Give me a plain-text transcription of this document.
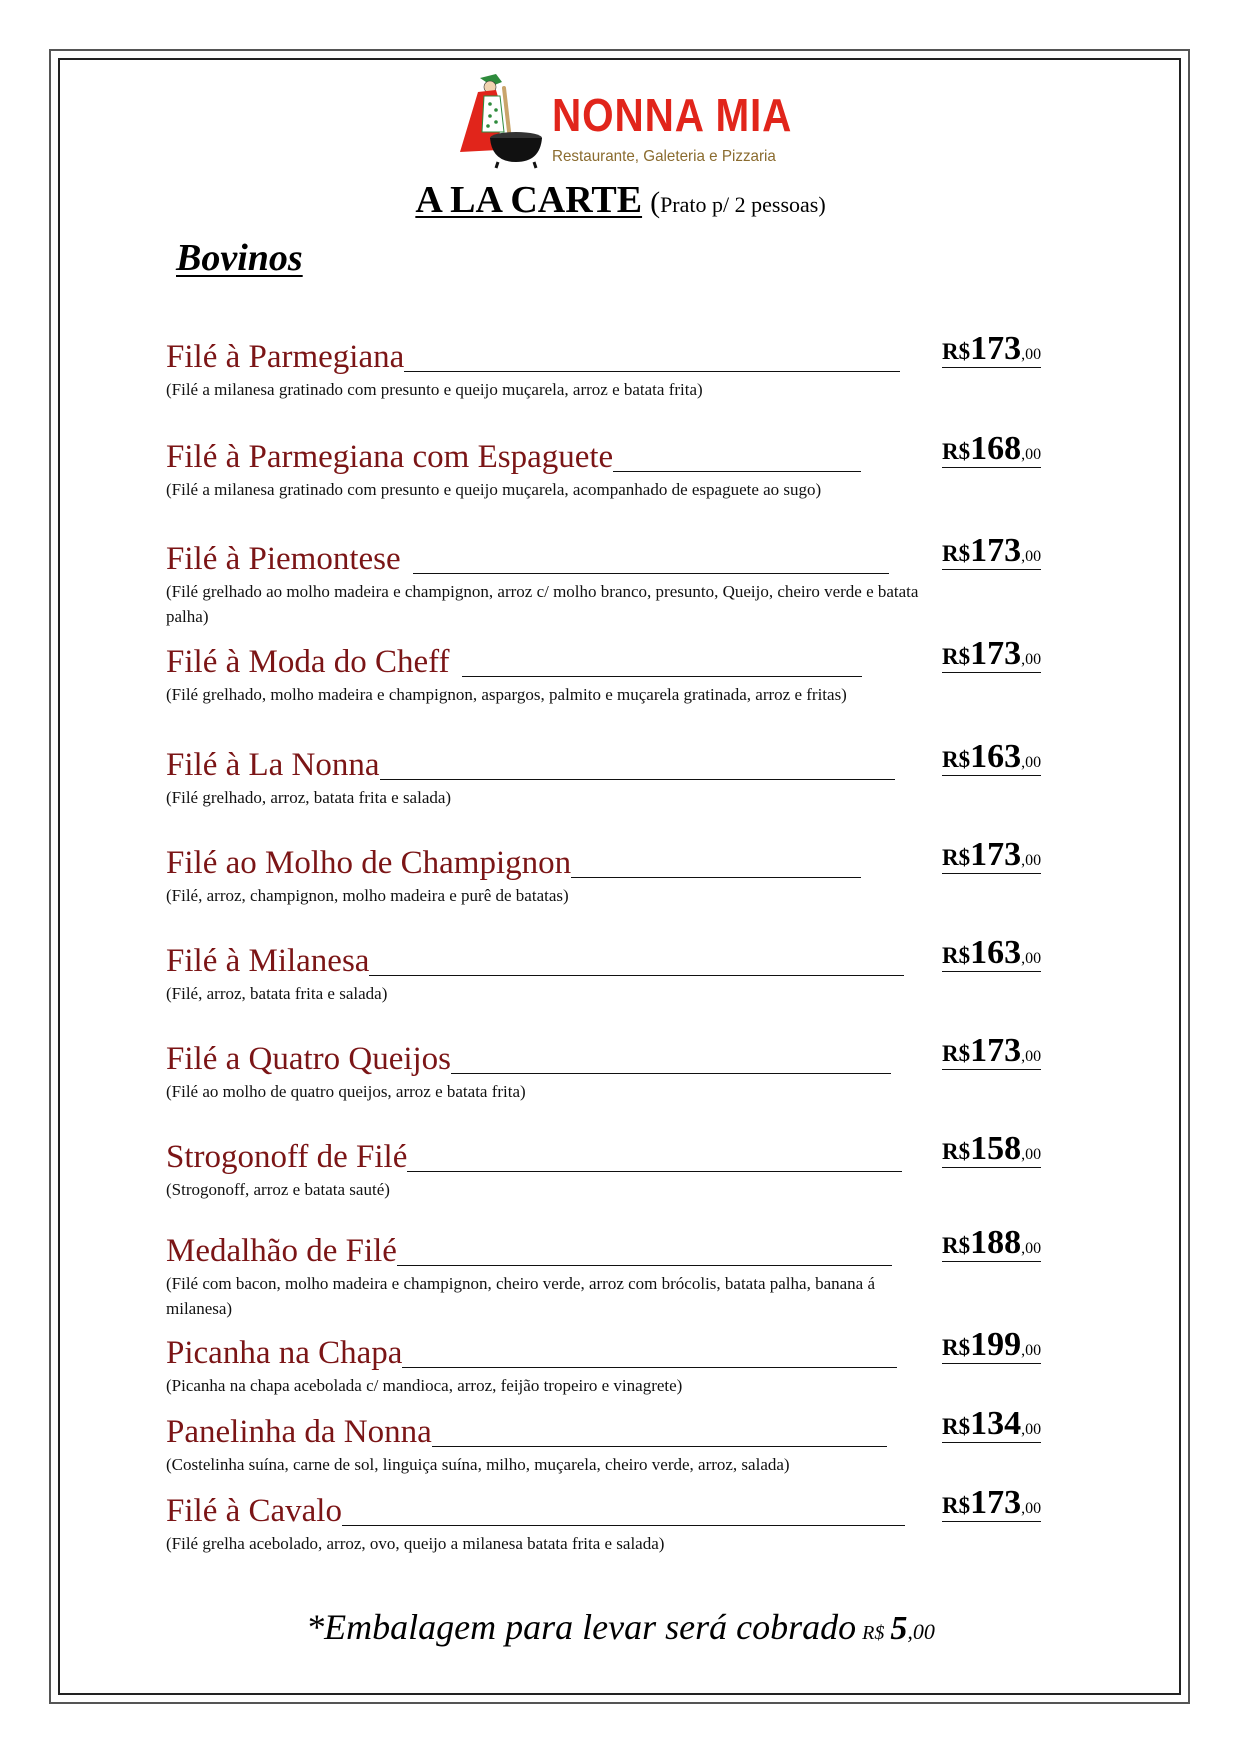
NONNA MIA
Restaurante, Galeteria e Pizzaria
A LA CARTE (Prato p/ 2 pessoas)
Bovinos
Filé à Parmegiana
(Filé a milanesa gratinado com presunto e queijo muçarela, arroz e batata frita)
R$173,00
Filé à Parmegiana com Espaguete
(Filé a milanesa gratinado com presunto e queijo muçarela, acompanhado de espaguete ao sugo)
R$168,00
Filé à Piemontese
(Filé grelhado ao molho madeira e champignon, arroz c/ molho branco, presunto, Queijo, cheiro verde e batata palha)
R$173,00
Filé à Moda do Cheff
(Filé grelhado, molho madeira e champignon, aspargos, palmito e muçarela gratinada, arroz e fritas)
R$173,00
Filé à La Nonna
(Filé grelhado, arroz, batata frita e salada)
R$163,00
Filé ao Molho de Champignon
(Filé, arroz, champignon, molho madeira e purê de batatas)
R$173,00
Filé à Milanesa
(Filé, arroz, batata frita e salada)
R$163,00
Filé a Quatro Queijos
(Filé ao molho de quatro queijos, arroz e batata frita)
R$173,00
Strogonoff de Filé
(Strogonoff, arroz e batata sauté)
R$158,00
Medalhão de Filé
(Filé com bacon, molho madeira e champignon, cheiro verde, arroz com brócolis, batata palha, banana á milanesa)
R$188,00
Picanha na Chapa
(Picanha na chapa acebolada c/ mandioca, arroz, feijão tropeiro e vinagrete)
R$199,00
Panelinha da Nonna
(Costelinha suína, carne de sol, linguiça suína, milho, muçarela, cheiro verde, arroz, salada)
R$134,00
Filé à Cavalo
(Filé grelha acebolado, arroz, ovo, queijo a milanesa batata frita e salada)
R$173,00
*Embalagem para levar será cobrado R$ 5,00
